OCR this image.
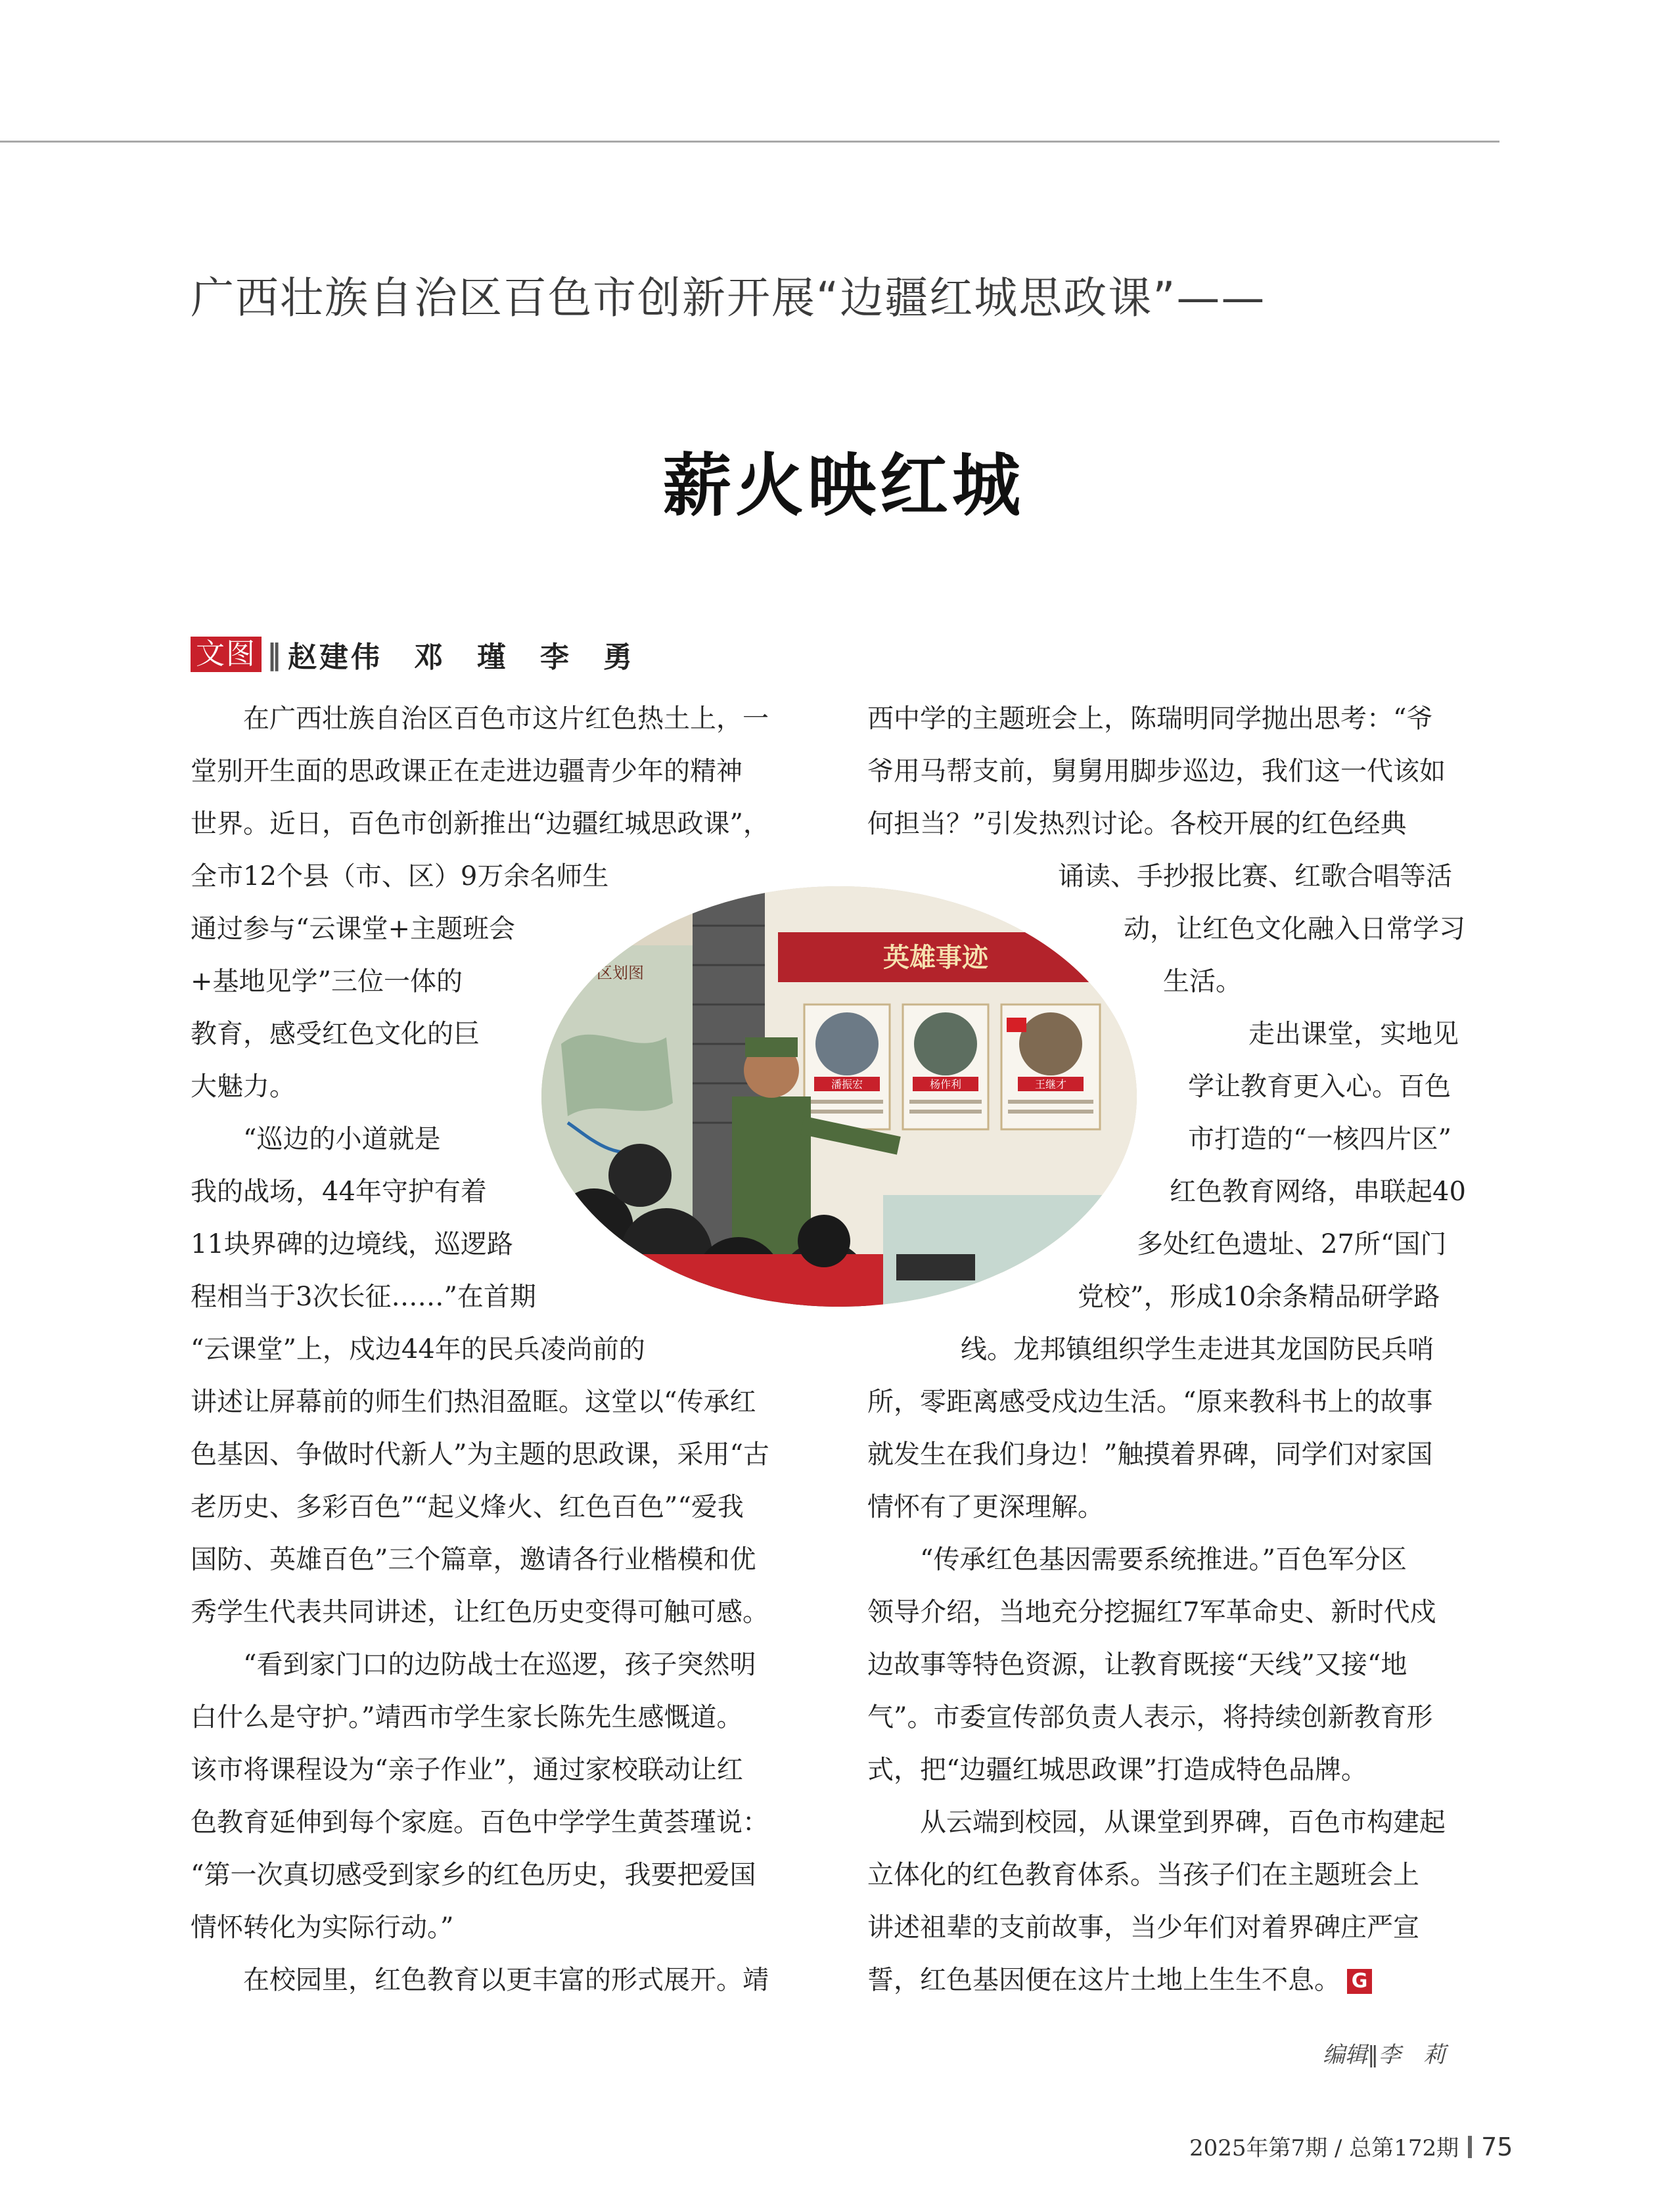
广西壮族自治区百色市创新开展“边疆红城思政课”——
薪火映红城
文图 ‖ 赵建伟　邓　瑾　李　勇
　　在广西壮族自治区百色市这片红色热土上，一
堂别开生面的思政课正在走进边疆青少年的精神
世界。近日，百色市创新推出“边疆红城思政课”，
全市12个县（市、区）9万余名师生
通过参与“云课堂+主题班会
+基地见学”三位一体的
教育，感受红色文化的巨
大魅力。
　　“巡边的小道就是
我的战场，44年守护有着
11块界碑的边境线，巡逻路
程相当于3次长征……”在首期
“云课堂”上，戍边44年的民兵凌尚前的
讲述让屏幕前的师生们热泪盈眶。这堂以“传承红
色基因、争做时代新人”为主题的思政课，采用“古
老历史、多彩百色”“起义烽火、红色百色”“爱我
国防、英雄百色”三个篇章，邀请各行业楷模和优
秀学生代表共同讲述，让红色历史变得可触可感。
　　“看到家门口的边防战士在巡逻，孩子突然明
白什么是守护。”靖西市学生家长陈先生感慨道。
该市将课程设为“亲子作业”，通过家校联动让红
色教育延伸到每个家庭。百色中学学生黄荟瑾说：
“第一次真切感受到家乡的红色历史，我要把爱国
情怀转化为实际行动。”
　　在校园里，红色教育以更丰富的形式展开。靖
西中学的主题班会上，陈瑞明同学抛出思考：“爷
爷用马帮支前，舅舅用脚步巡边，我们这一代该如
何担当？”引发热烈讨论。各校开展的红色经典
诵读、手抄报比赛、红歌合唱等活
动，让红色文化融入日常学习
生活。
　　走出课堂，实地见
学让教育更入心。百色
市打造的“一核四片区”
红色教育网络，串联起40
多处红色遗址、27所“国门
党校”，形成10余条精品研学路
线。龙邦镇组织学生走进其龙国防民兵哨
所，零距离感受戍边生活。“原来教科书上的故事
就发生在我们身边！”触摸着界碑，同学们对家国
情怀有了更深理解。
　　“传承红色基因需要系统推进。”百色军分区
领导介绍，当地充分挖掘红7军革命史、新时代戍
边故事等特色资源，让教育既接“天线”又接“地
气”。市委宣传部负责人表示，将持续创新教育形
式，把“边疆红城思政课”打造成特色品牌。
　　从云端到校园，从课堂到界碑，百色市构建起
立体化的红色教育体系。当孩子们在主题班会上
讲述祖辈的支前故事，当少年们对着界碑庄严宣
誓，红色基因便在这片土地上生生不息。 G
区划图	英雄事迹
潘振宏	杨作利	王继才
编辑‖李　莉
2025年第7期 / 总第172期 75
